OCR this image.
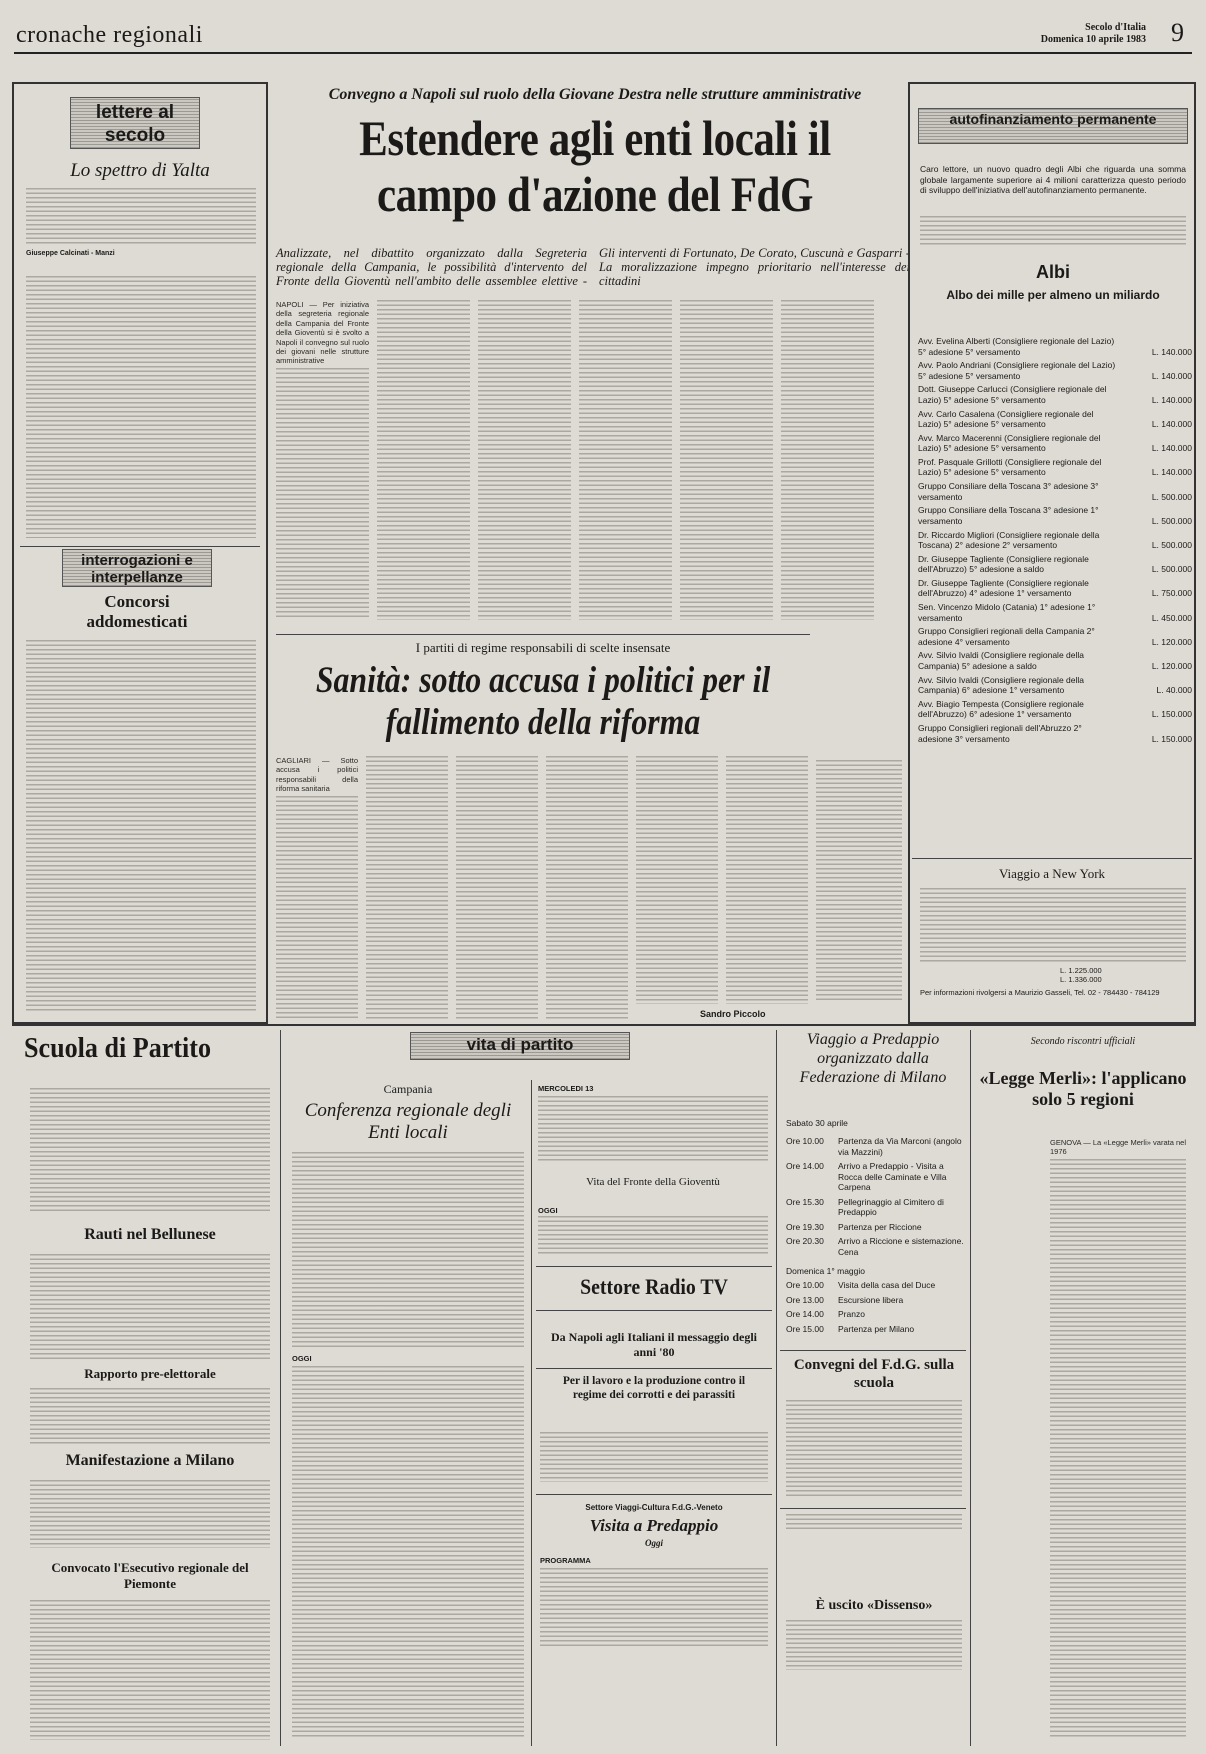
cronache regionali	Secolo d'Italia
Domenica 10 aprile 1983 9
lettere al secolo
Lo spettro di Yalta
Giuseppe Calcinati - Manzi
interrogazioni e interpellanze
Concorsi addomesticati
Convegno a Napoli sul ruolo della Giovane Destra nelle strutture amministrative
Estendere agli enti locali il campo d'azione del FdG
Analizzate, nel dibattito organizzato dalla Segreteria regionale della Campania, le possibilità d'intervento del Fronte della Gioventù nell'ambito delle assemblee elettive - Gli interventi di Fortunato, De Corato, Cuscunà e Gasparri - La moralizzazione impegno prioritario nell'interesse dei cittadini
NAPOLI — Per iniziativa della segreteria regionale della Campania del Fronte della Gioventù si è svolto a Napoli il convegno sul ruolo dei giovani nelle strutture amministrative
I partiti di regime responsabili di scelte insensate
Sanità: sotto accusa i politici per il fallimento della riforma
CAGLIARI — Sotto accusa i politici responsabili della riforma sanitaria
Sandro Piccolo
autofinanziamento permanente
Caro lettore, un nuovo quadro degli Albi che riguarda una somma globale largamente superiore ai 4 milioni caratterizza questo periodo di sviluppo dell'iniziativa dell'autofinanziamento permanente.
Albi
Albo dei mille per almeno un miliardo
Avv. Evelina Alberti (Consigliere regionale del Lazio) 5° adesione 5° versamento	L. 140.000
Avv. Paolo Andriani (Consigliere regionale del Lazio) 5° adesione 5° versamento	L. 140.000
Dott. Giuseppe Carlucci (Consigliere regionale del Lazio) 5° adesione 5° versamento	L. 140.000
Avv. Carlo Casalena (Consigliere regionale del Lazio) 5° adesione 5° versamento	L. 140.000
Avv. Marco Macerenni (Consigliere regionale del Lazio) 5° adesione 5° versamento	L. 140.000
Prof. Pasquale Grillotti (Consigliere regionale del Lazio) 5° adesione 5° versamento	L. 140.000
Gruppo Consiliare della Toscana 3° adesione 3° versamento	L. 500.000
Gruppo Consiliare della Toscana 3° adesione 1° versamento	L. 500.000
Dr. Riccardo Migliori (Consigliere regionale della Toscana) 2° adesione 2° versamento	L. 500.000
Dr. Giuseppe Tagliente (Consigliere regionale dell'Abruzzo) 5° adesione a saldo	L. 500.000
Dr. Giuseppe Tagliente (Consigliere regionale dell'Abruzzo) 4° adesione 1° versamento	L. 750.000
Sen. Vincenzo Midolo (Catania) 1° adesione 1° versamento	L. 450.000
Gruppo Consiglieri regionali della Campania 2° adesione 4° versamento	L. 120.000
Avv. Silvio Ivaldi (Consigliere regionale della Campania) 5° adesione a saldo	L. 120.000
Avv. Silvio Ivaldi (Consigliere regionale della Campania) 6° adesione 1° versamento	L. 40.000
Avv. Biagio Tempesta (Consigliere regionale dell'Abruzzo) 6° adesione 1° versamento	L. 150.000
Gruppo Consiglieri regionali dell'Abruzzo 2° adesione 3° versamento	L. 150.000
Viaggio a New York
L. 1.225.000
L. 1.336.000
Per informazioni rivolgersi a Maurizio Gasseli, Tel. 02 - 784430 - 784129
Scuola di Partito
Rauti nel Bellunese
Rapporto pre-elettorale
Manifestazione a Milano
Convocato l'Esecutivo regionale del Piemonte
vita di partito
Campania
Conferenza regionale degli Enti locali
OGGI
MERCOLEDI 13
Vita del Fronte della Gioventù
OGGI
Settore Radio TV
Da Napoli agli Italiani il messaggio degli anni '80
Per il lavoro e la produzione contro il regime dei corrotti e dei parassiti
Settore Viaggi-Cultura F.d.G.-Veneto
Visita a Predappio
Oggi
PROGRAMMA
Viaggio a Predappio organizzato dalla Federazione di Milano
Sabato 30 aprile
Ore 10.00	Partenza da Via Marconi (angolo via Mazzini)
Ore 14.00	Arrivo a Predappio - Visita a Rocca delle Caminate e Villa Carpena
Ore 15.30	Pellegrinaggio al Cimitero di Predappio
Ore 19.30	Partenza per Riccione
Ore 20.30	Arrivo a Riccione e sistemazione. Cena
Domenica 1° maggio
Ore 10.00	Visita della casa del Duce
Ore 13.00	Escursione libera
Ore 14.00	Pranzo
Ore 15.00	Partenza per Milano
Convegni del F.d.G. sulla scuola
È uscito «Dissenso»
Secondo riscontri ufficiali
«Legge Merli»: l'applicano solo 5 regioni
GENOVA — La «Legge Merli» varata nel 1976
